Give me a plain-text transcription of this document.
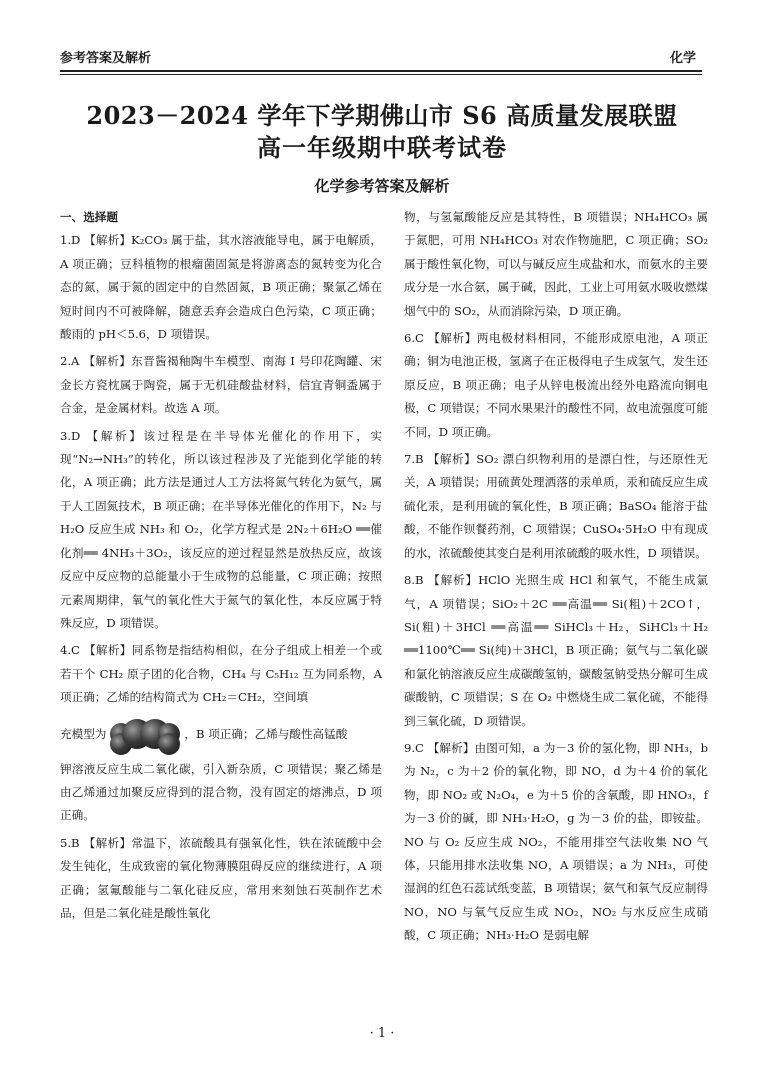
参考答案及解析	化学
2023－2024 学年下学期佛山市 S6 高质量发展联盟
高一年级期中联考试卷
化学参考答案及解析
一、选择题

1.D 【解析】K₂CO₃ 属于盐，其水溶液能导电，属于电解质，A 项正确；豆科植物的根瘤菌固氮是将游离态的氮转变为化合态的氮，属于氮的固定中的自然固氮，B 项正确；聚氯乙烯在短时间内不可被降解，随意丢弃会造成白色污染，C 项正确；酸雨的 pH＜5.6，D 项错误。

2.A 【解析】东晋酱褐釉陶牛车模型、南海 I 号印花陶罐、宋金长方瓷枕属于陶瓷，属于无机硅酸盐材料，信宜青铜盉属于合金，是金属材料。故选 A 项。

3.D 【解析】该过程是在半导体光催化的作用下，实现“N₂→NH₃”的转化，所以该过程涉及了光能到化学能的转化，A 项正确；此方法是通过人工方法将氮气转化为氨气，属于人工固氮技术，B 项正确；在半导体光催化的作用下，N₂ 与 H₂O 反应生成 NH₃ 和 O₂，化学方程式是 2N₂＋6H₂O ══催化剂══ 4NH₃＋3O₂，该反应的逆过程显然是放热反应，故该反应中反应物的总能量小于生成物的总能量，C 项正确；按照元素周期律，氧气的氧化性大于氮气的氧化性，本反应属于特殊反应，D 项错误。

4.C 【解析】同系物是指结构相似，在分子组成上相差一个或若干个 CH₂ 原子团的化合物，CH₄ 与 C₅H₁₂ 互为同系物，A 项正确；乙烯的结构简式为 CH₂＝CH₂，空间填

充模型为	，B 项正确；乙烯与酸性高锰酸

钾溶液反应生成二氧化碳，引入新杂质，C 项错误；聚乙烯是由乙烯通过加聚反应得到的混合物，没有固定的熔沸点，D 项正确。

5.B 【解析】常温下，浓硫酸具有强氧化性，铁在浓硫酸中会发生钝化，生成致密的氧化物薄膜阻碍反应的继续进行，A 项正确；氢氟酸能与二氧化硅反应，常用来刻蚀石英制作艺术品，但是二氧化硅是酸性氧化

物，与氢氟酸能反应是其特性，B 项错误；NH₄HCO₃ 属于氮肥，可用 NH₄HCO₃ 对农作物施肥，C 项正确；SO₂ 属于酸性氧化物，可以与碱反应生成盐和水，而氨水的主要成分是一水合氨，属于碱，因此，工业上可用氨水吸收燃煤烟气中的 SO₂，从而消除污染，D 项正确。

6.C 【解析】两电极材料相同，不能形成原电池，A 项正确；铜为电池正极，氢离子在正极得电子生成氢气，发生还原反应，B 项正确；电子从锌电极流出经外电路流向铜电极，C 项错误；不同水果果汁的酸性不同，故电流强度可能不同，D 项正确。

7.B 【解析】SO₂ 漂白织物利用的是漂白性，与还原性无关，A 项错误；用硫黄处理洒落的汞单质，汞和硫反应生成硫化汞，是利用硫的氧化性，B 项正确；BaSO₄ 能溶于盐酸，不能作钡餐药剂，C 项错误；CuSO₄·5H₂O 中有现成的水，浓硫酸使其变白是利用浓硫酸的吸水性，D 项错误。

8.B 【解析】HClO 光照生成 HCl 和氧气，不能生成氯气，A 项错误；SiO₂＋2C ══高温══ Si(粗)＋2CO↑，Si(粗)＋3HCl ══高温══ SiHCl₃＋H₂，SiHCl₃＋H₂ ══1100℃══ Si(纯)＋3HCl，B 项正确；氨气与二氧化碳和氯化钠溶液反应生成碳酸氢钠，碳酸氢钠受热分解可生成碳酸钠，C 项错误；S 在 O₂ 中燃烧生成二氧化硫，不能得到三氧化硫，D 项错误。

9.C 【解析】由图可知，a 为－3 价的氢化物，即 NH₃，b 为 N₂，c 为＋2 价的氧化物，即 NO，d 为＋4 价的氧化物，即 NO₂ 或 N₂O₄，e 为＋5 价的含氧酸，即 HNO₃，f 为－3 价的碱，即 NH₃·H₂O，g 为－3 价的盐，即铵盐。NO 与 O₂ 反应生成 NO₂，不能用排空气法收集 NO 气体，只能用排水法收集 NO，A 项错误；a 为 NH₃，可使湿润的红色石蕊试纸变蓝，B 项错误；氨气和氧气反应制得 NO，NO 与氧气反应生成 NO₂，NO₂ 与水反应生成硝酸，C 项正确；NH₃·H₂O 是弱电解

· 1 ·
